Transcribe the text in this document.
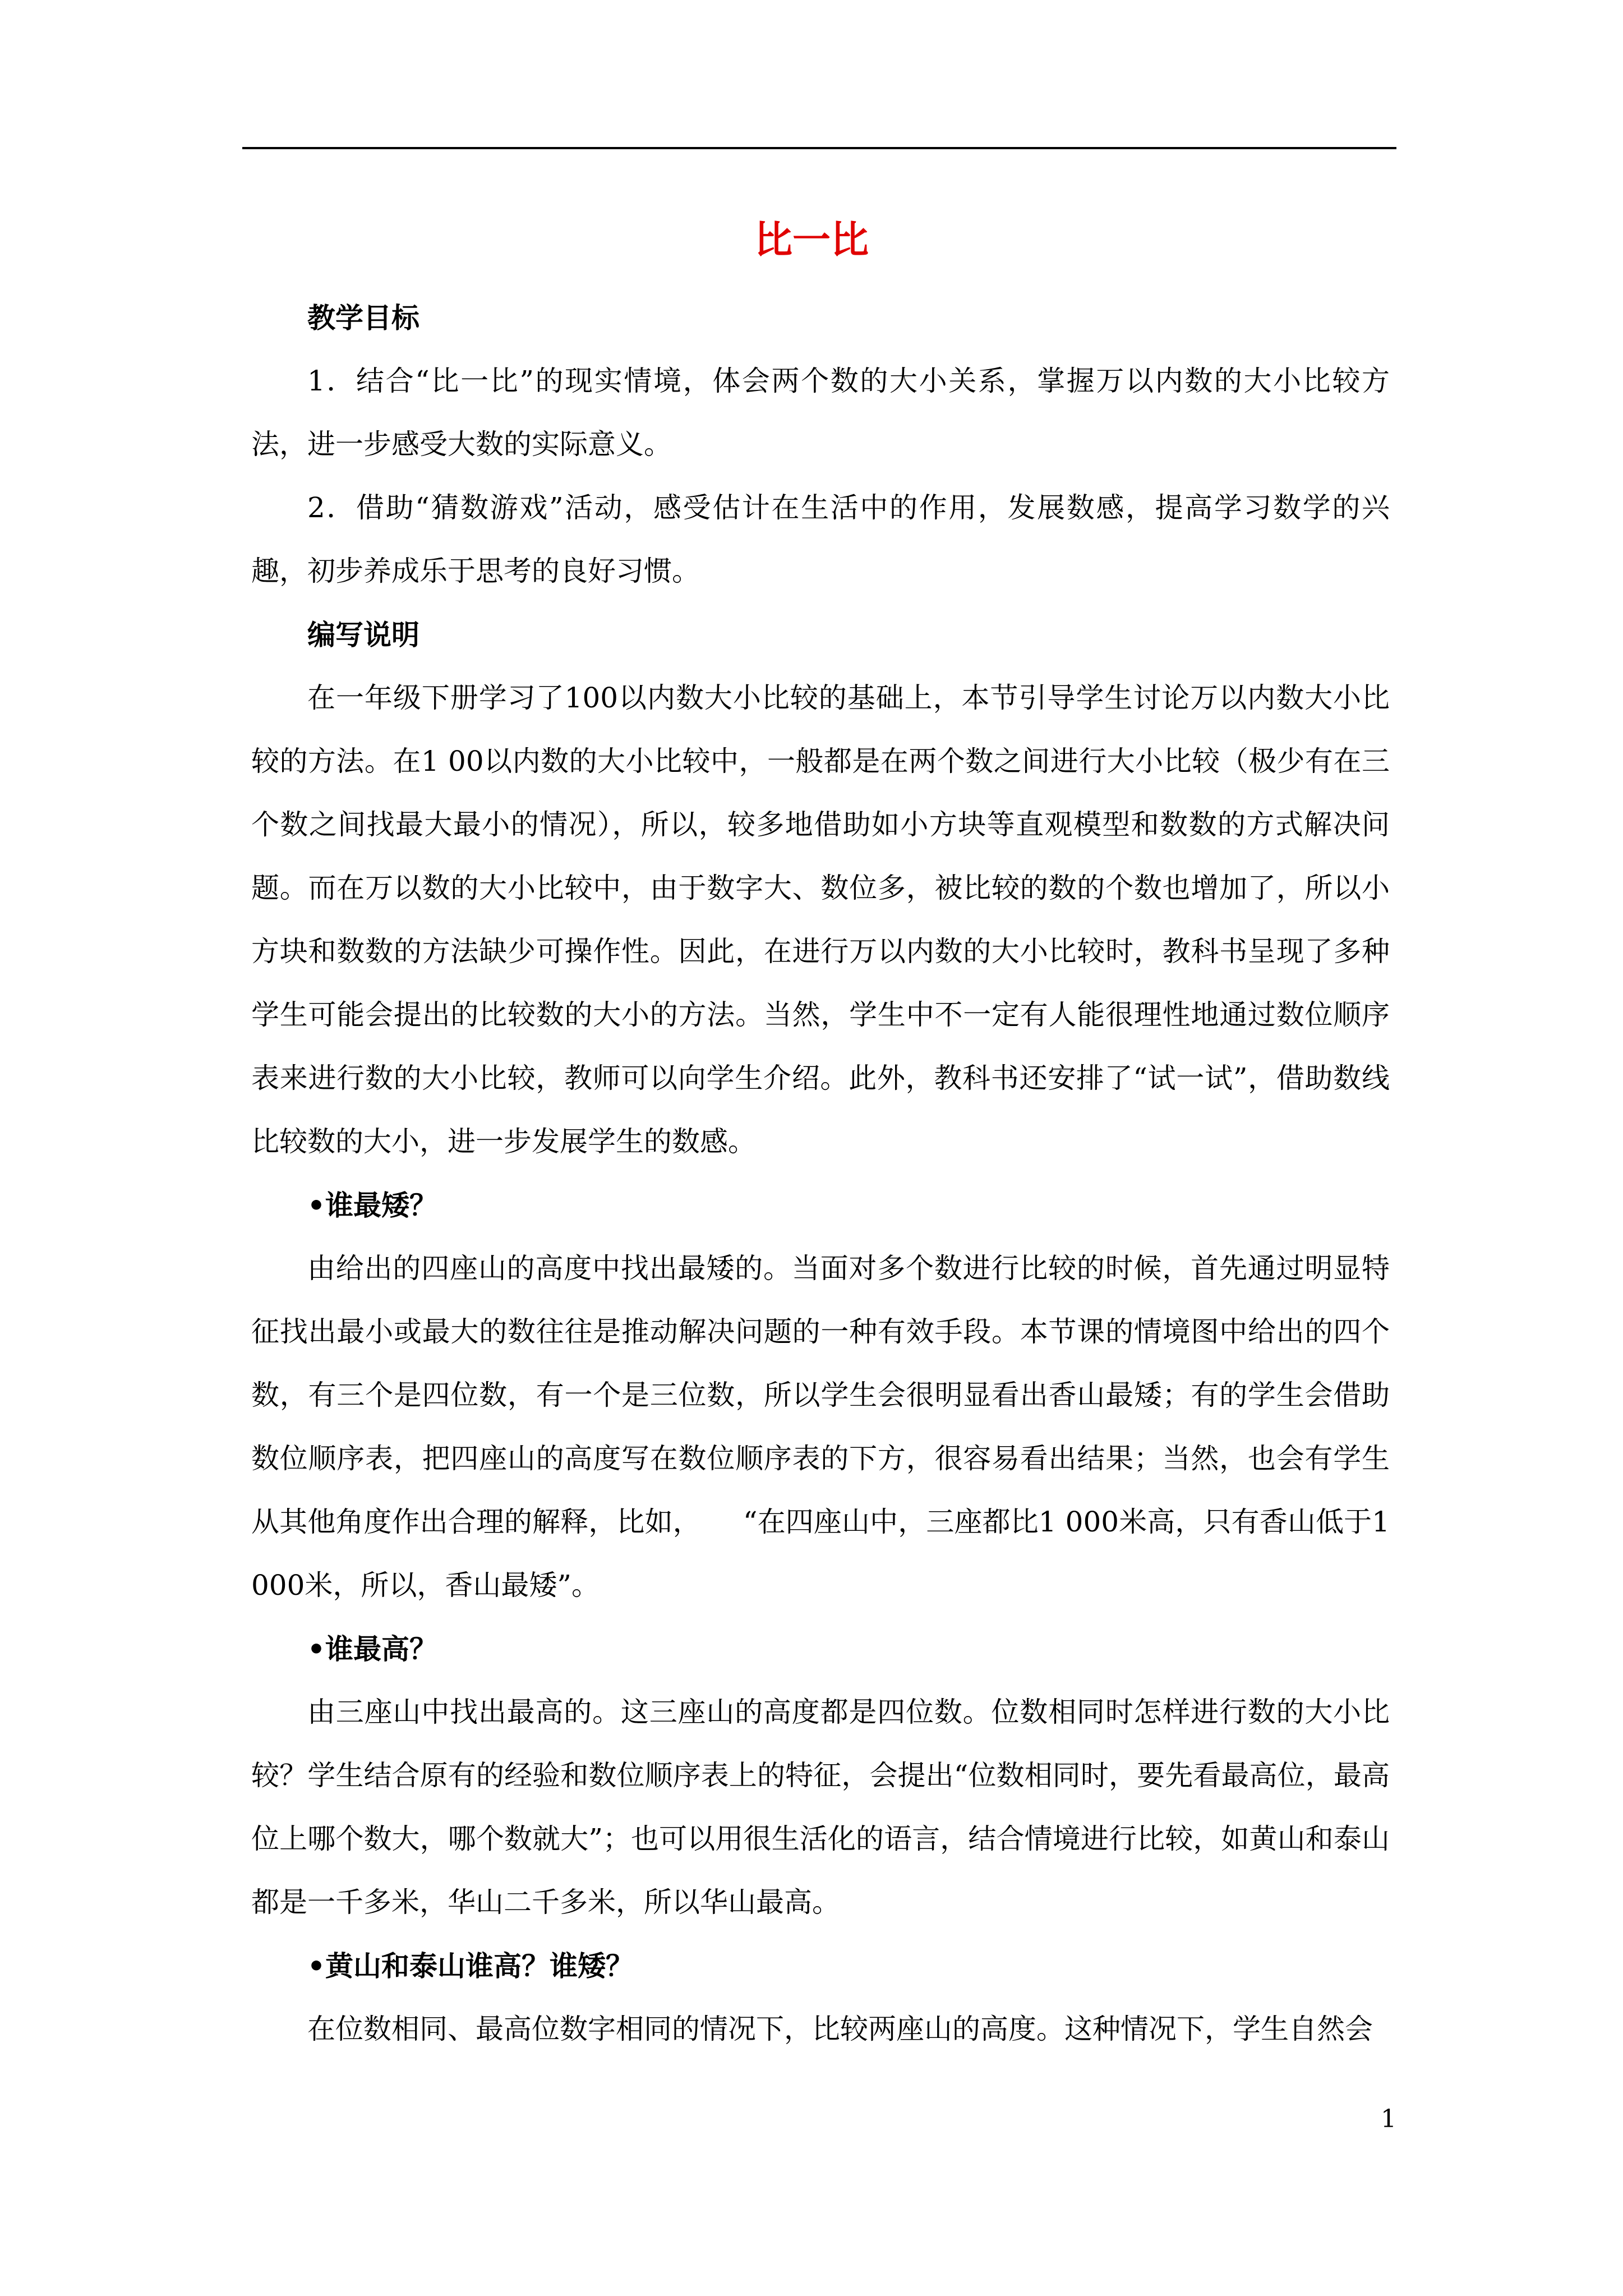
比一比

教学目标

1．结合“比一比”的现实情境，体会两个数的大小关系，掌握万以内数的大小比较方法，进一步感受大数的实际意义。

2．借助“猜数游戏”活动，感受估计在生活中的作用，发展数感，提高学习数学的兴趣，初步养成乐于思考的良好习惯。

编写说明

在一年级下册学习了100以内数大小比较的基础上，本节引导学生讨论万以内数大小比较的方法。在1 00以内数的大小比较中，一般都是在两个数之间进行大小比较（极少有在三个数之间找最大最小的情况），所以，较多地借助如小方块等直观模型和数数的方式解决问题。而在万以数的大小比较中，由于数字大、数位多，被比较的数的个数也增加了，所以小方块和数数的方法缺少可操作性。因此，在进行万以内数的大小比较时，教科书呈现了多种学生可能会提出的比较数的大小的方法。当然，学生中不一定有人能很理性地通过数位顺序表来进行数的大小比较，教师可以向学生介绍。此外，教科书还安排了“试一试”，借助数线比较数的大小，进一步发展学生的数感。

•谁最矮？

由给出的四座山的高度中找出最矮的。当面对多个数进行比较的时候，首先通过明显特征找出最小或最大的数往往是推动解决问题的一种有效手段。本节课的情境图中给出的四个数，有三个是四位数，有一个是三位数，所以学生会很明显看出香山最矮；有的学生会借助数位顺序表，把四座山的高度写在数位顺序表的下方，很容易看出结果；当然，也会有学生从其他角度作出合理的解释，比如，　　“在四座山中，三座都比1 000米高，只有香山低于1 000米，所以，香山最矮”。

•谁最高？

由三座山中找出最高的。这三座山的高度都是四位数。位数相同时怎样进行数的大小比较？学生结合原有的经验和数位顺序表上的特征，会提出“位数相同时，要先看最高位，最高位上哪个数大，哪个数就大”；也可以用很生活化的语言，结合情境进行比较，如黄山和泰山都是一千多米，华山二千多米，所以华山最高。

•黄山和泰山谁高？谁矮？

在位数相同、最高位数字相同的情况下，比较两座山的高度。这种情况下，学生自然会

1
